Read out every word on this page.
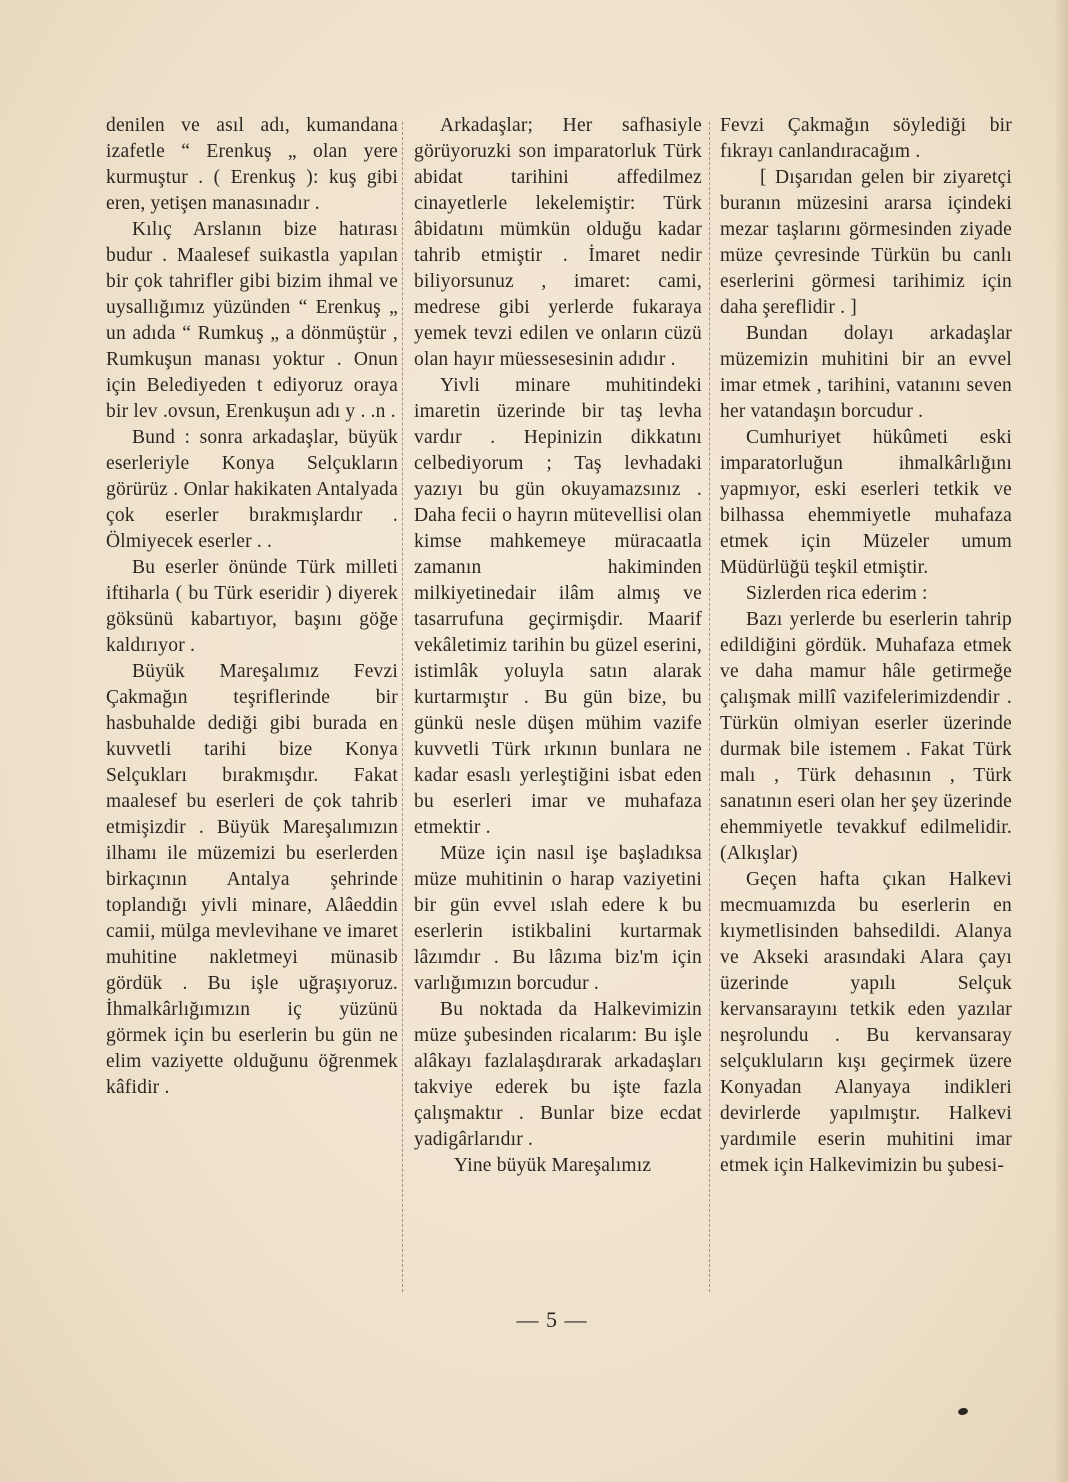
denilen ve asıl adı, kumandana izafetle “ Erenkuş „ olan yere kurmuştur . ( Erenkuş ): kuş gibi eren, yetişen manasınadır .

Kılıç Arslanın bize hatırası budur . Maalesef suikastla yapılan bir çok tahrifler gibi bizim ihmal ve uysallığımız yüzünden “ Erenkuş „ un adıda “ Rumkuş „ a dönmüştür , Rumkuşun manası yoktur . Onun için Belediyeden t ediyoruz oraya bir lev .ovsun, Erenkuşun adı y . .n .

Bund : sonra arkadaşlar, büyük eserleriyle Konya Selçukların görürüz . Onlar hakikaten Antalyada çok eserler bırakmışlardır . Ölmiyecek eserler . .

Bu eserler önünde Türk milleti iftiharla ( bu Türk eseridir ) diyerek göksünü kabartıyor, başını göğe kaldırıyor .

Büyük Mareşalımız Fevzi Çakmağın teşriflerinde bir hasbuhalde dediği gibi burada en kuvvetli tarihi bize Konya Selçukları bırakmışdır. Fakat maalesef bu eserleri de çok tahrib etmişizdir . Büyük Mareşalımızın ilhamı ile müzemizi bu eserlerden birkaçının Antalya şehrinde toplandığı yivli minare, Alâeddin camii, mülga mevlevihane ve imaret muhitine nakletmeyi münasib gördük . Bu işle uğraşıyoruz. İhmalkârlığımızın iç yüzünü görmek için bu eserlerin bu gün ne elim vaziyette olduğunu öğrenmek kâfidir .

Arkadaşlar; Her safhasiyle görüyoruzki son imparatorluk Türk abidat tarihini affedilmez cinayetlerle lekelemiştir: Türk âbidatını mümkün olduğu kadar tahrib etmiştir . İmaret nedir biliyorsunuz , imaret: cami, medrese gibi yerlerde fukaraya yemek tevzi edilen ve onların cüzü olan hayır müessesesinin adıdır .

Yivli minare muhitindeki imaretin üzerinde bir taş levha vardır . Hepinizin dikkatını celbediyorum ; Taş levhadaki yazıyı bu gün okuyamazsınız . Daha fecii o hayrın mütevellisi olan kimse mahkemeye müracaatla zamanın hakiminden milkiyetinedair ilâm almış ve tasarrufuna geçirmişdir. Maarif vekâletimiz tarihin bu güzel eserini, istimlâk yoluyla satın alarak kurtarmıştır . Bu gün bize, bu günkü nesle düşen mühim vazife kuvvetli Türk ırkının bunlara ne kadar esaslı yerleştiğini isbat eden bu eserleri imar ve muhafaza etmektir .

Müze için nasıl işe başladıksa müze muhitinin o harap vaziyetini bir gün evvel ıslah edere k bu eserlerin istikbalini kurtarmak lâzımdır . Bu lâzıma biz'm için varlığımızın borcudur .

Bu noktada da Halkevimizin müze şubesinden ricalarım: Bu işle alâkayı fazlalaşdırarak arkadaşları takviye ederek bu işte fazla çalışmaktır . Bunlar bize ecdat yadigârlarıdır .

Yine büyük Mareşalımız

Fevzi Çakmağın söylediği bir fıkrayı canlandıracağım .

[ Dışarıdan gelen bir ziyaretçi buranın müzesini ararsa içindeki mezar taşlarını görmesinden ziyade müze çevresinde Türkün bu canlı eserlerini görmesi tarihimiz için daha şereflidir . ]

Bundan dolayı arkadaşlar müzemizin muhitini bir an evvel imar etmek , tarihini, vatanını seven her vatandaşın borcudur .

Cumhuriyet hükûmeti eski imparatorluğun ihmalkârlığını yapmıyor, eski eserleri tetkik ve bilhassa ehemmiyetle muhafaza etmek için Müzeler umum Müdürlüğü teşkil etmiştir.

Sizlerden rica ederim :

Bazı yerlerde bu eserlerin tahrip edildiğini gördük. Muhafaza etmek ve daha mamur hâle getirmeğe çalışmak millî vazifelerimizdendir . Türkün olmiyan eserler üzerinde durmak bile istemem . Fakat Türk malı , Türk dehasının , Türk sanatının eseri olan her şey üzerinde ehemmiyetle tevakkuf edilmelidir. (Alkışlar)

Geçen hafta çıkan Halkevi mecmuamızda bu eserlerin en kıymetlisinden bahsedildi. Alanya ve Akseki arasındaki Alara çayı üzerinde yapılı Selçuk kervansarayını tetkik eden yazılar neşrolundu . Bu kervansaray selçukluların kışı geçirmek üzere Konyadan Alanyaya indikleri devirlerde yapılmıştır. Halkevi yardımile eserin muhitini imar etmek için Halkevimizin bu şubesi-

— 5 —
